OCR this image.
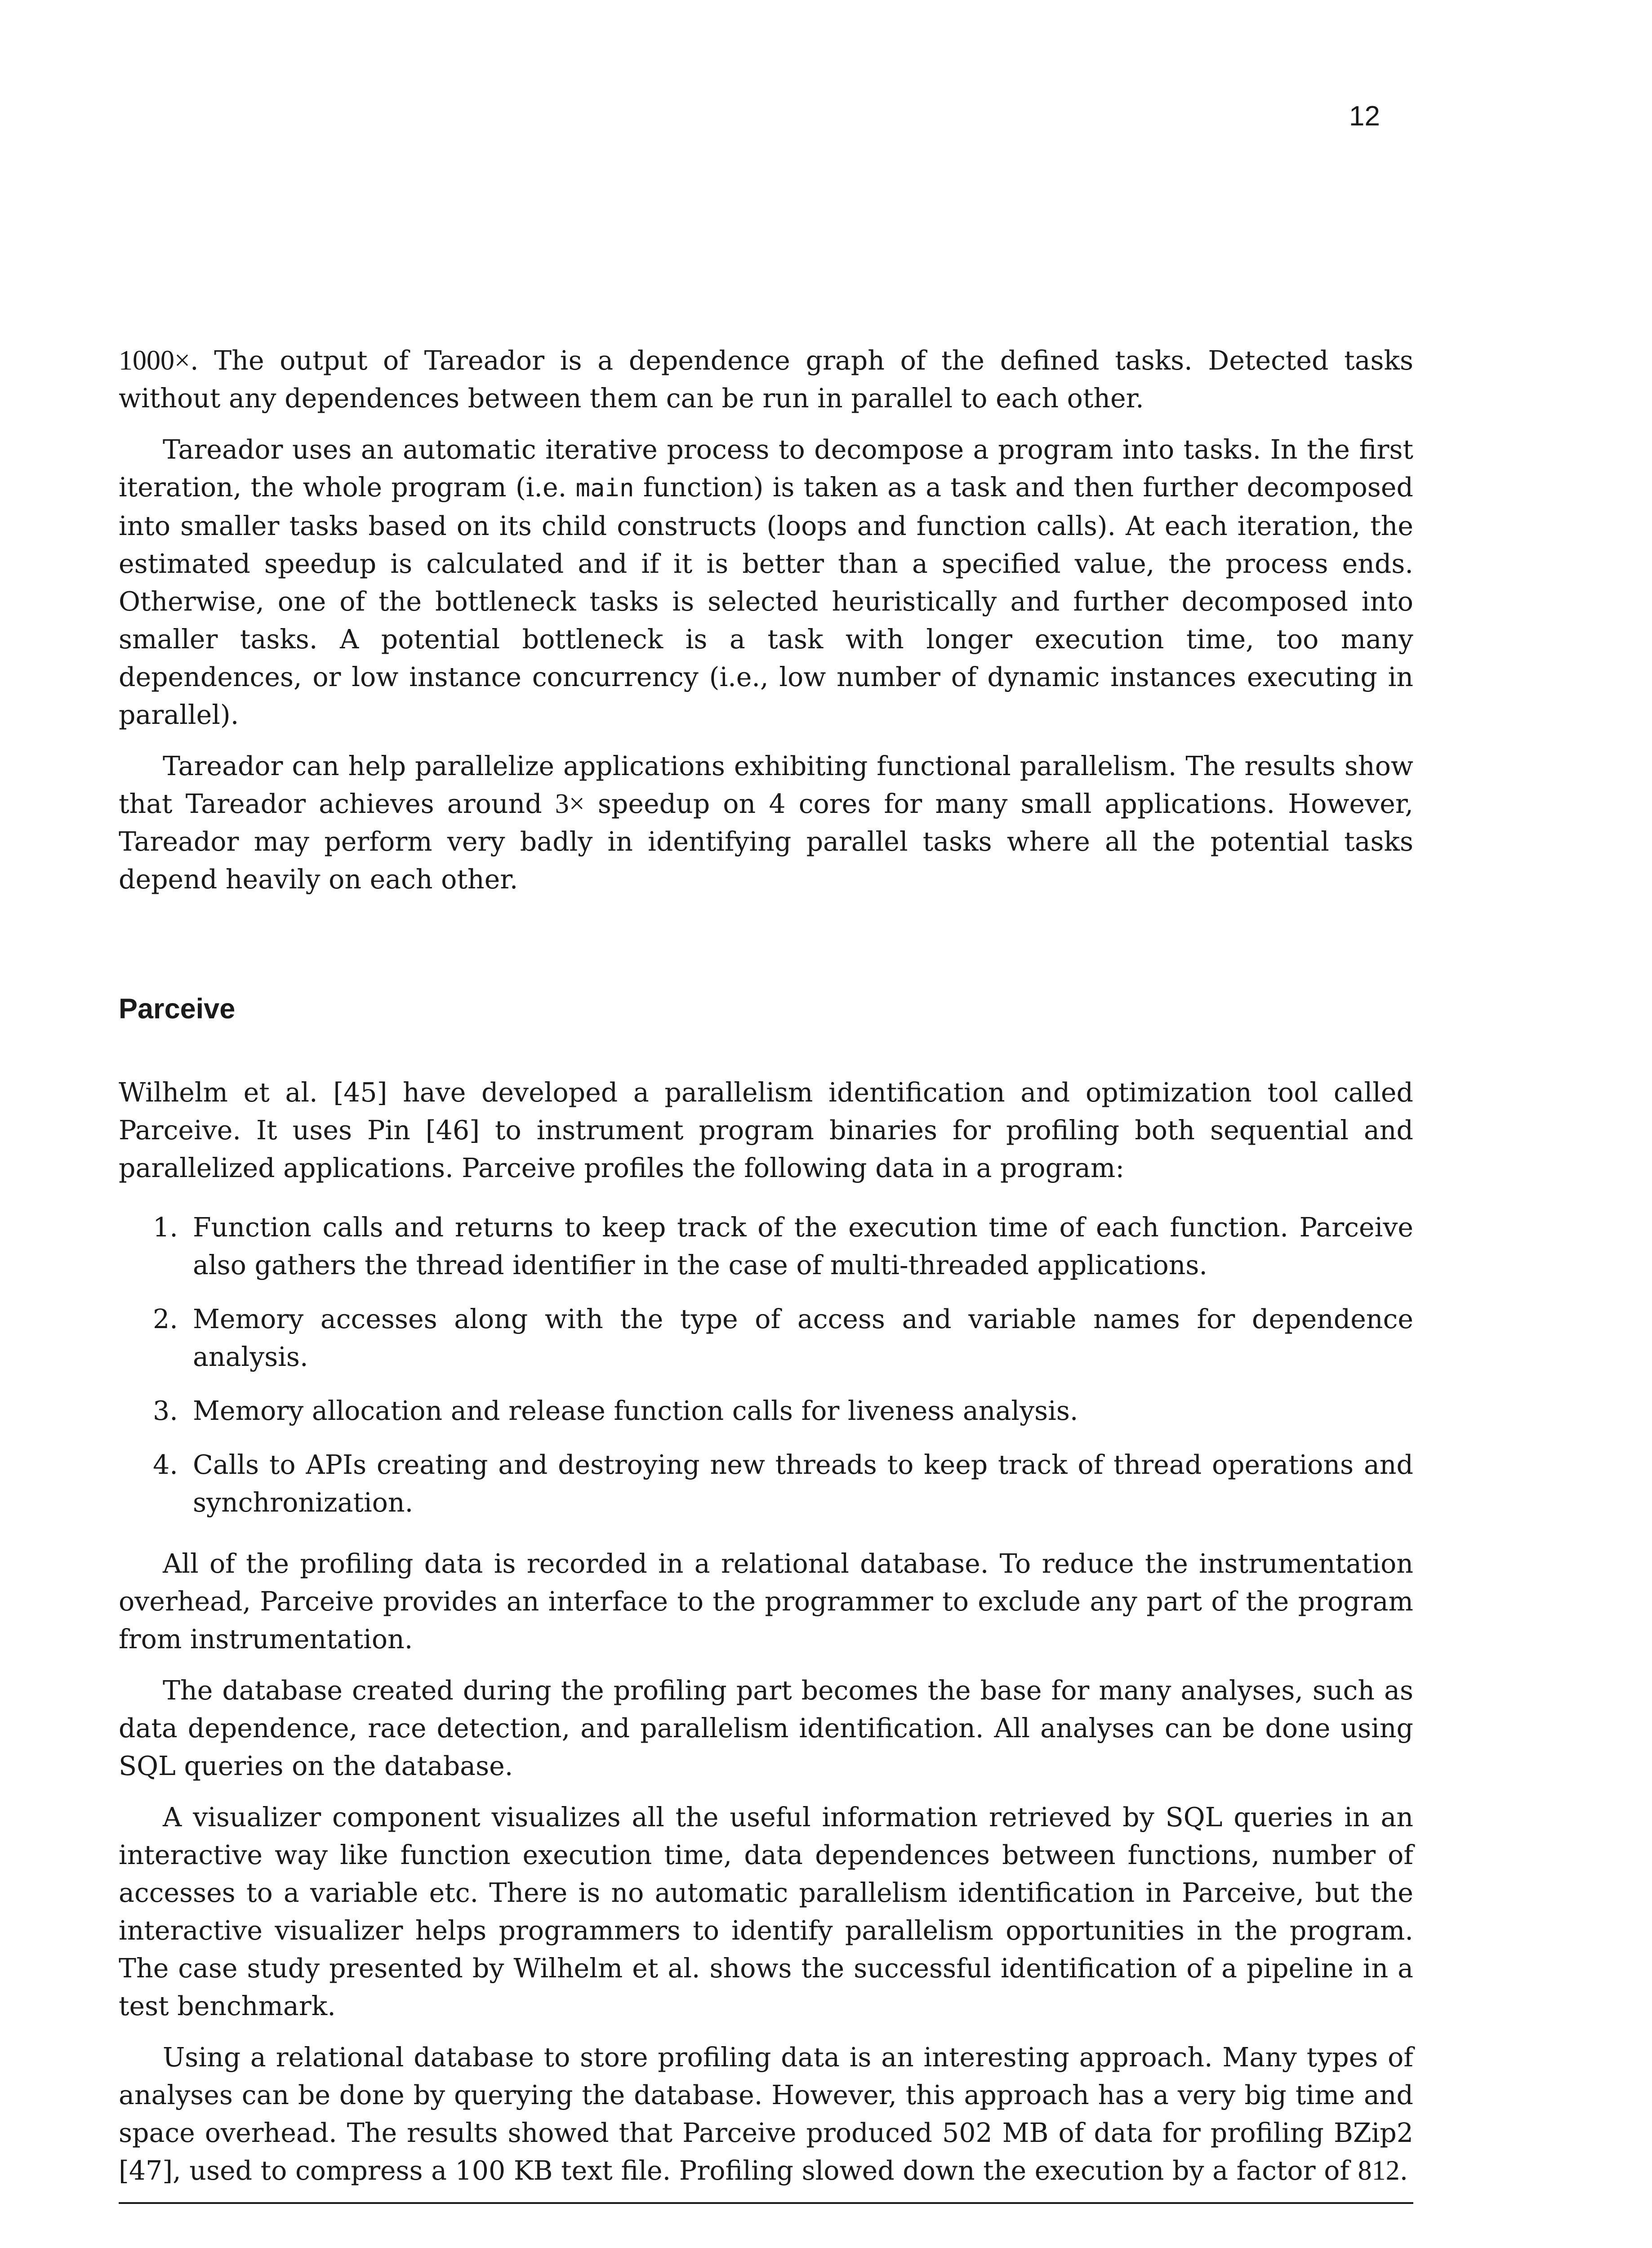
12

1000×. The output of Tareador is a dependence graph of the defined tasks. Detected tasks without any dependences between them can be run in parallel to each other.

Tareador uses an automatic iterative process to decompose a program into tasks. In the first iteration, the whole program (i.e. main function) is taken as a task and then further decomposed into smaller tasks based on its child constructs (loops and function calls). At each iteration, the estimated speedup is calculated and if it is better than a specified value, the process ends. Otherwise, one of the bottleneck tasks is selected heuristically and further decomposed into smaller tasks. A potential bottleneck is a task with longer execution time, too many dependences, or low instance concurrency (i.e., low number of dynamic instances executing in parallel).

Tareador can help parallelize applications exhibiting functional parallelism. The results show that Tareador achieves around 3× speedup on 4 cores for many small applications. However, Tareador may perform very badly in identifying parallel tasks where all the potential tasks depend heavily on each other.

Parceive

Wilhelm et al. [45] have developed a parallelism identification and optimization tool called Parceive. It uses Pin [46] to instrument program binaries for profiling both sequential and parallelized applications. Parceive profiles the following data in a program:

1. Function calls and returns to keep track of the execution time of each function. Parceive also gathers the thread identifier in the case of multi-threaded applications.
2. Memory accesses along with the type of access and variable names for dependence analysis.
3. Memory allocation and release function calls for liveness analysis.
4. Calls to APIs creating and destroying new threads to keep track of thread operations and synchronization.

All of the profiling data is recorded in a relational database. To reduce the instrumentation overhead, Parceive provides an interface to the programmer to exclude any part of the program from instrumentation.

The database created during the profiling part becomes the base for many analyses, such as data dependence, race detection, and parallelism identification. All analyses can be done using SQL queries on the database.

A visualizer component visualizes all the useful information retrieved by SQL queries in an interactive way like function execution time, data dependences between functions, number of accesses to a variable etc. There is no automatic parallelism identification in Parceive, but the interactive visualizer helps programmers to identify parallelism opportunities in the program. The case study presented by Wilhelm et al. shows the successful identification of a pipeline in a test benchmark.

Using a relational database to store profiling data is an interesting approach. Many types of analyses can be done by querying the database. However, this approach has a very big time and space overhead. The results showed that Parceive produced 502 MB of data for profiling BZip2 [47], used to compress a 100 KB text file. Profiling slowed down the execution by a factor of 812.
